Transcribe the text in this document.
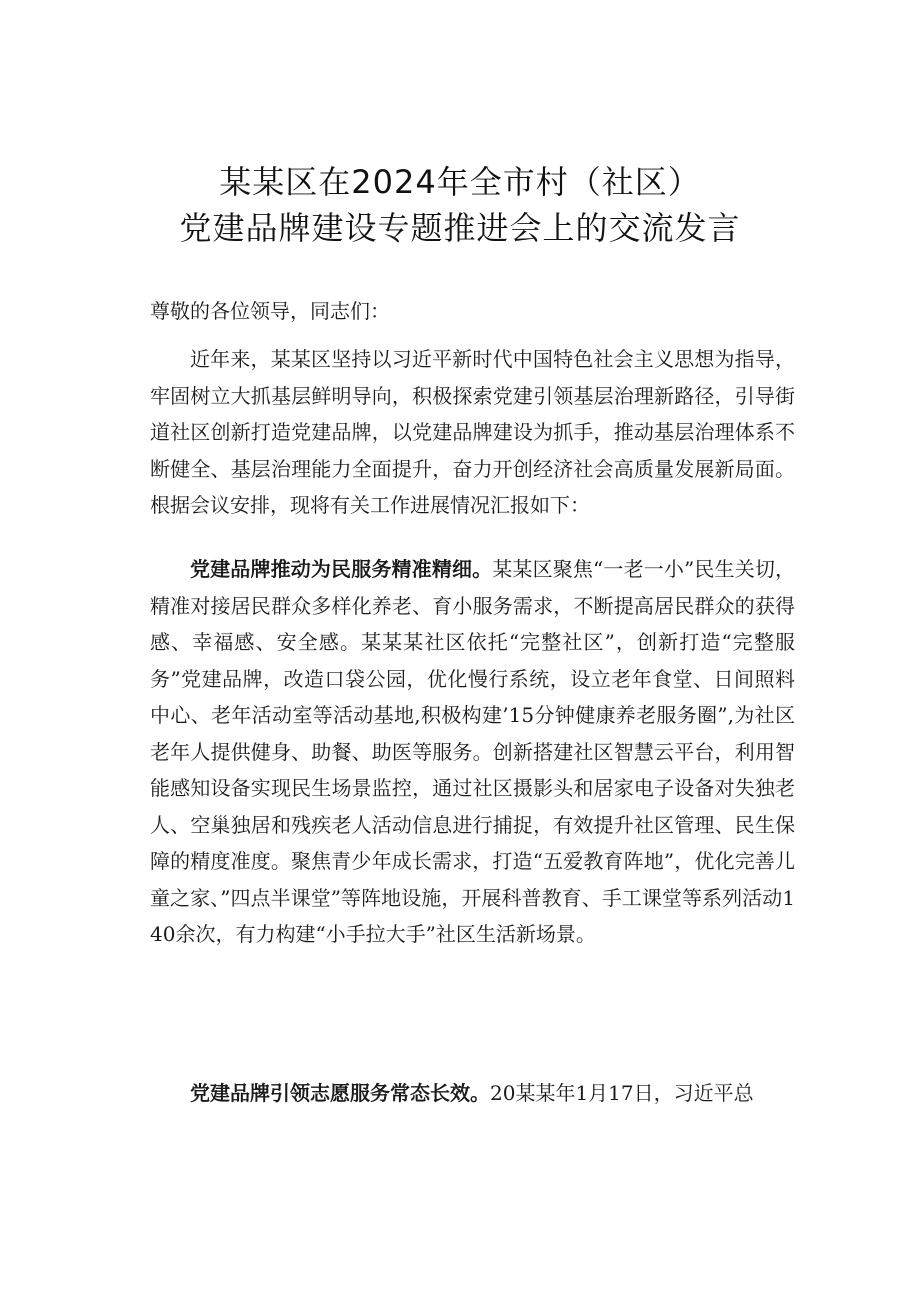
某某区在2024年全市村（社区）
党建品牌建设专题推进会上的交流发言
尊敬的各位领导，同志们：

近年来，某某区坚持以习近平新时代中国特色社会主义思想为指导，牢固树立大抓基层鲜明导向，积极探索党建引领基层治理新路径，引导街道社区创新打造党建品牌，以党建品牌建设为抓手，推动基层治理体系不断健全、基层治理能力全面提升，奋力开创经济社会高质量发展新局面。根据会议安排，现将有关工作进展情况汇报如下：

党建品牌推动为民服务精准精细。某某区聚焦“一老一小”民生关切，精准对接居民群众多样化养老、育小服务需求，不断提高居民群众的获得感、幸福感、安全感。某某某社区依托“完整社区”，创新打造“完整服务”党建品牌，改造口袋公园，优化慢行系统，设立老年食堂、日间照料中心、老年活动室等活动基地,积极构建’15分钟健康养老服务圈”,为社区老年人提供健身、助餐、助医等服务。创新搭建社区智慧云平台，利用智能感知设备实现民生场景监控，通过社区摄影头和居家电子设备对失独老人、空巢独居和残疾老人活动信息进行捕捉，有效提升社区管理、民生保障的精度准度。聚焦青少年成长需求，打造“五爱教育阵地”，优化完善儿童之家、”四点半课堂”等阵地设施，开展科普教育、手工课堂等系列活动140余次，有力构建“小手拉大手”社区生活新场景。

党建品牌引领志愿服务常态长效。20某某年1月17日，习近平总
